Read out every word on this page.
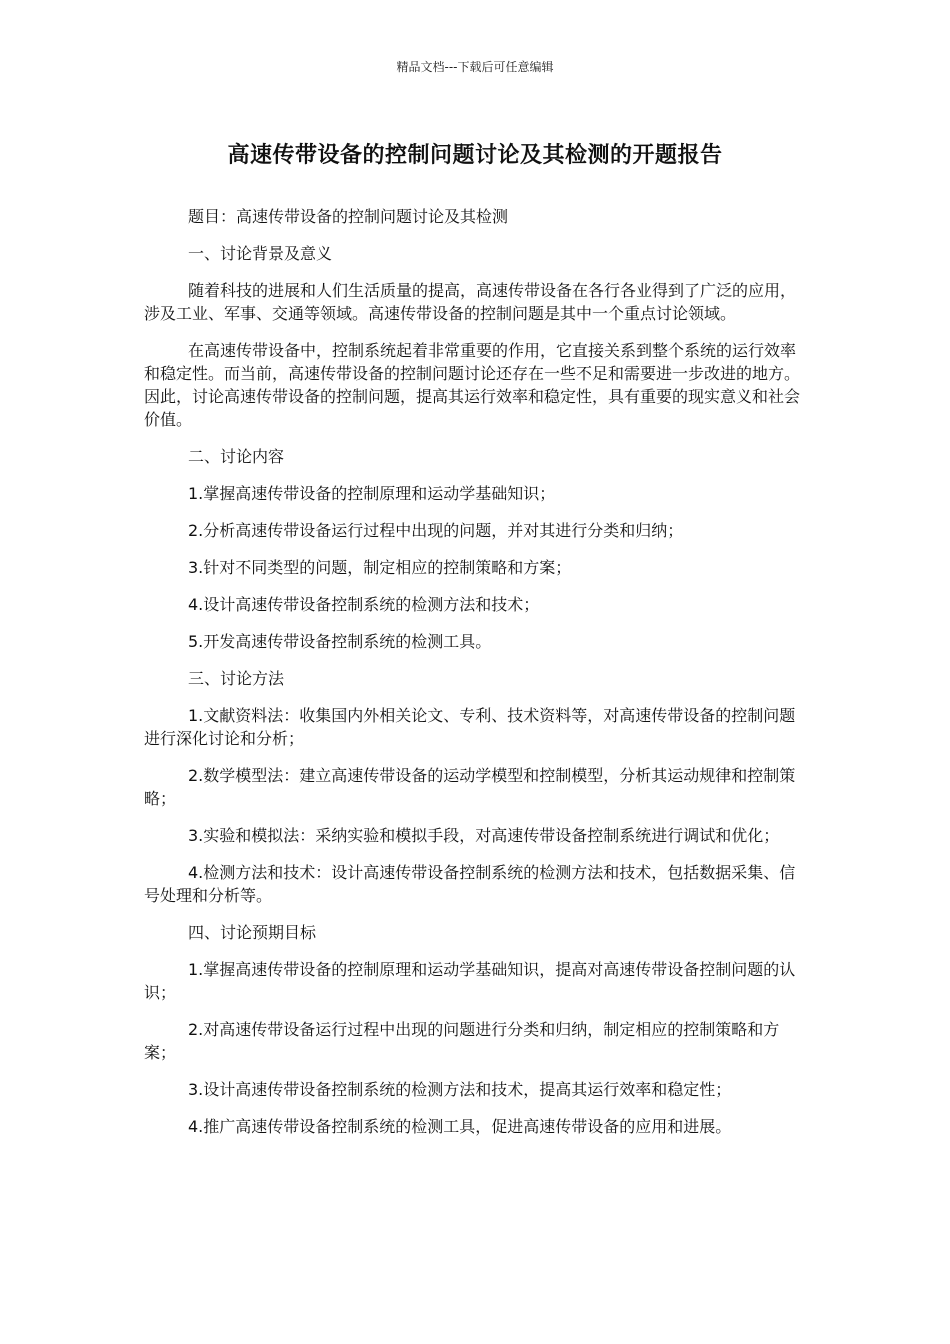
精品文档---下载后可任意编辑
高速传带设备的控制问题讨论及其检测的开题报告

题目：高速传带设备的控制问题讨论及其检测

一、讨论背景及意义

随着科技的进展和人们生活质量的提高，高速传带设备在各行各业得到了广泛的应用，涉及工业、军事、交通等领域。高速传带设备的控制问题是其中一个重点讨论领域。

在高速传带设备中，控制系统起着非常重要的作用，它直接关系到整个系统的运行效率和稳定性。而当前，高速传带设备的控制问题讨论还存在一些不足和需要进一步改进的地方。因此，讨论高速传带设备的控制问题，提高其运行效率和稳定性，具有重要的现实意义和社会价值。

二、讨论内容

1.掌握高速传带设备的控制原理和运动学基础知识；

2.分析高速传带设备运行过程中出现的问题，并对其进行分类和归纳；

3.针对不同类型的问题，制定相应的控制策略和方案；

4.设计高速传带设备控制系统的检测方法和技术；

5.开发高速传带设备控制系统的检测工具。

三、讨论方法

1.文献资料法：收集国内外相关论文、专利、技术资料等，对高速传带设备的控制问题进行深化讨论和分析；

2.数学模型法：建立高速传带设备的运动学模型和控制模型，分析其运动规律和控制策略；

3.实验和模拟法：采纳实验和模拟手段，对高速传带设备控制系统进行调试和优化；

4.检测方法和技术：设计高速传带设备控制系统的检测方法和技术，包括数据采集、信号处理和分析等。

四、讨论预期目标

1.掌握高速传带设备的控制原理和运动学基础知识，提高对高速传带设备控制问题的认识；

2.对高速传带设备运行过程中出现的问题进行分类和归纳，制定相应的控制策略和方案；

3.设计高速传带设备控制系统的检测方法和技术，提高其运行效率和稳定性；

4.推广高速传带设备控制系统的检测工具，促进高速传带设备的应用和进展。
